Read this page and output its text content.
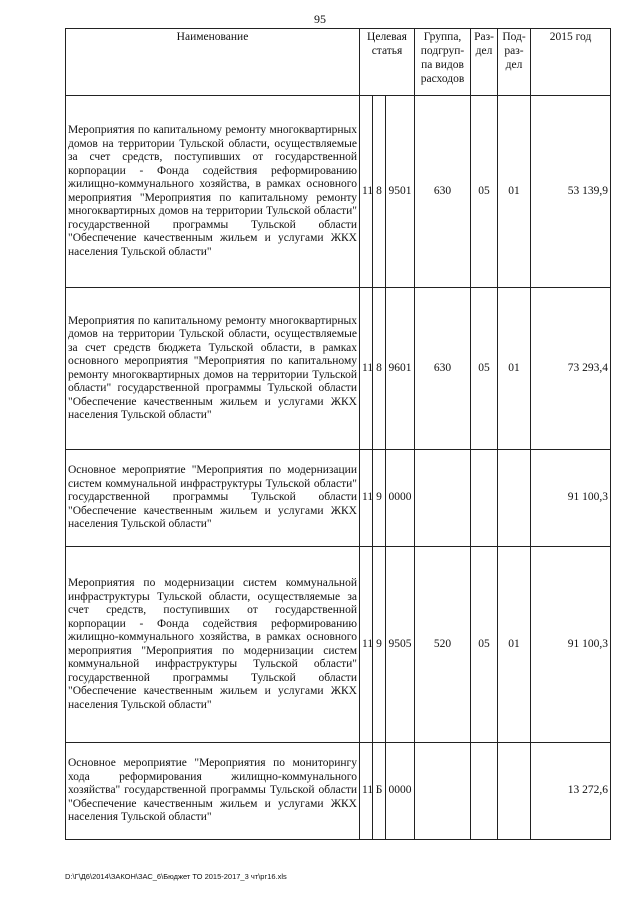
95
Наименование	Целевая статья			Группа, подгруп-па видов расходов	Раз-дел	Под-раз-дел	2015 год
Мероприятия по капитальному ремонту многоквартирных домов на территории Тульской области, осуществляемые за счет средств, поступивших от государственной корпорации - Фонда содействия реформированию жилищно-коммунального хозяйства, в рамках основного мероприятия "Мероприятия по капитальному ремонту многоквартирных домов на территории Тульской области" государственной программы Тульской области "Обеспечение качественным жильем и услугами ЖКХ населения Тульской области"	11	8	9501	630	05	01	53 139,9
Мероприятия по капитальному ремонту многоквартирных домов на территории Тульской области, осуществляемые за счет средств бюджета Тульской области, в рамках основного мероприятия "Мероприятия по капитальному ремонту многоквартирных домов на территории Тульской области" государственной программы Тульской области "Обеспечение качественным жильем и услугами ЖКХ населения Тульской области"	11	8	9601	630	05	01	73 293,4
Основное мероприятие "Мероприятия по модернизации систем коммунальной инфраструктуры Тульской области" государственной программы Тульской области "Обеспечение качественным жильем и услугами ЖКХ населения Тульской области"	11	9	0000				91 100,3
Мероприятия по модернизации систем коммунальной инфраструктуры Тульской области, осуществляемые за счет средств, поступивших от государственной корпорации - Фонда содействия реформированию жилищно-коммунального хозяйства, в рамках основного мероприятия "Мероприятия по модернизации систем коммунальной инфраструктуры Тульской области" государственной программы Тульской области "Обеспечение качественным жильем и услугами ЖКХ населения Тульской области"	11	9	9505	520	05	01	91 100,3
Основное мероприятие "Мероприятия по мониторингу хода реформирования жилищно-коммунального хозяйства" государственной программы Тульской области "Обеспечение качественным жильем и услугами ЖКХ населения Тульской области"	11	Б	0000				13 272,6
D:\Г\Д6\2014\ЗАКОН\ЗАС_6\Бюджет ТО 2015-2017_3 чт\рг16.xls
